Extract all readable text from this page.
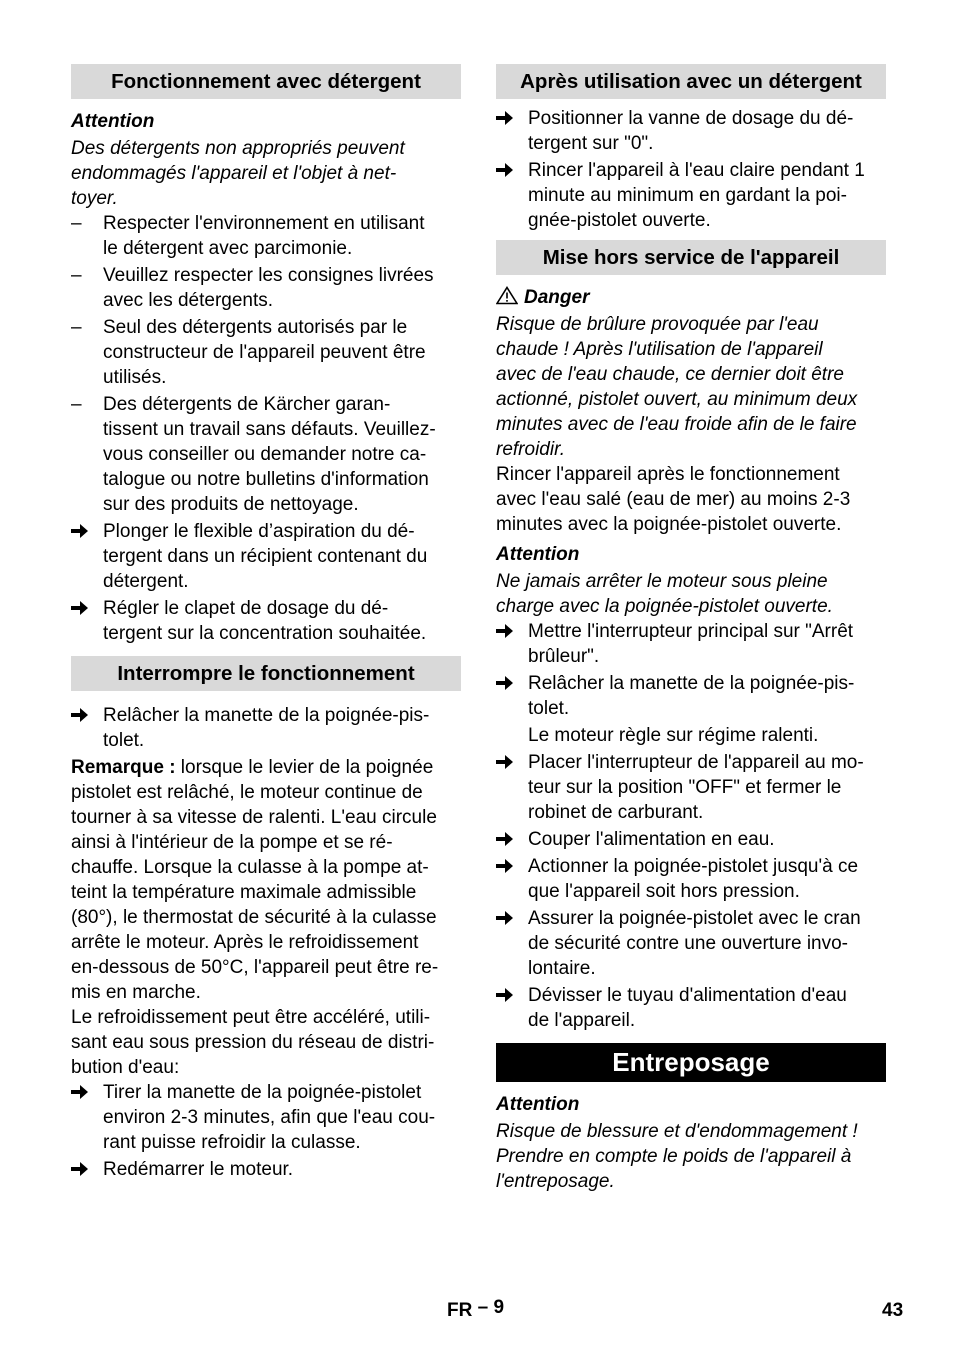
Fonctionnement avec détergent
Attention
Des détergents non appropriés peuvent
endommagés l'appareil et l'objet à net-
toyer.
– Respecter l'environnement en utilisant
le détergent avec parcimonie.
– Veuillez respecter les consignes livrées
avec les détergents.
– Seul des détergents autorisés par le
constructeur de l'appareil peuvent être
utilisés.
– Des détergents de Kärcher garan-
tissent un travail sans défauts. Veuillez-
vous conseiller ou demander notre ca-
talogue ou notre bulletins d'information
sur des produits de nettoyage.
Plonger le flexible d’aspiration du dé-
tergent dans un récipient contenant du
détergent.
Régler le clapet de dosage du dé-
tergent sur la concentration souhaitée.
Interrompre le fonctionnement
Relâcher la manette de la poignée-pis-
tolet.
Remarque : lorsque le levier de la poignée
pistolet est relâché, le moteur continue de
tourner à sa vitesse de ralenti. L'eau circule
ainsi à l'intérieur de la pompe et se ré-
chauffe. Lorsque la culasse à la pompe at-
teint la température maximale admissible
(80°), le thermostat de sécurité à la culasse
arrête le moteur. Après le refroidissement
en-dessous de 50°C, l'appareil peut être re-
mis en marche.
Le refroidissement peut être accéléré, utili-
sant eau sous pression du réseau de distri-
bution d'eau:
Tirer la manette de la poignée-pistolet
environ 2-3 minutes, afin que l'eau cou-
rant puisse refroidir la culasse.
Redémarrer le moteur.
Après utilisation avec un détergent
Positionner la vanne de dosage du dé-
tergent sur "0".
Rincer l'appareil à l'eau claire pendant 1
minute au minimum en gardant la poi-
gnée-pistolet ouverte.
Mise hors service de l'appareil
Danger
Risque de brûlure provoquée par l'eau
chaude ! Après l'utilisation de l'appareil
avec de l'eau chaude, ce dernier doit être
actionné, pistolet ouvert, au minimum deux
minutes avec de l'eau froide afin de le faire
refroidir.
Rincer l'appareil après le fonctionnement
avec l'eau salé (eau de mer) au moins 2-3
minutes avec la poignée-pistolet ouverte.
Attention
Ne jamais arrêter le moteur sous pleine
charge avec la poignée-pistolet ouverte.
Mettre l'interrupteur principal sur "Arrêt
brûleur".
Relâcher la manette de la poignée-pis-
tolet.
Le moteur règle sur régime ralenti.
Placer l'interrupteur de l'appareil au mo-
teur sur la position "OFF" et fermer le
robinet de carburant.
Couper l'alimentation en eau.
Actionner la poignée-pistolet jusqu'à ce
que l'appareil soit hors pression.
Assurer la poignée-pistolet avec le cran
de sécurité contre une ouverture invo-
lontaire.
Dévisser le tuyau d'alimentation d'eau
de l'appareil.
Entreposage
Attention
Risque de blessure et d'endommagement !
Prendre en compte le poids de l'appareil à
l'entreposage.
FR – 9	43
